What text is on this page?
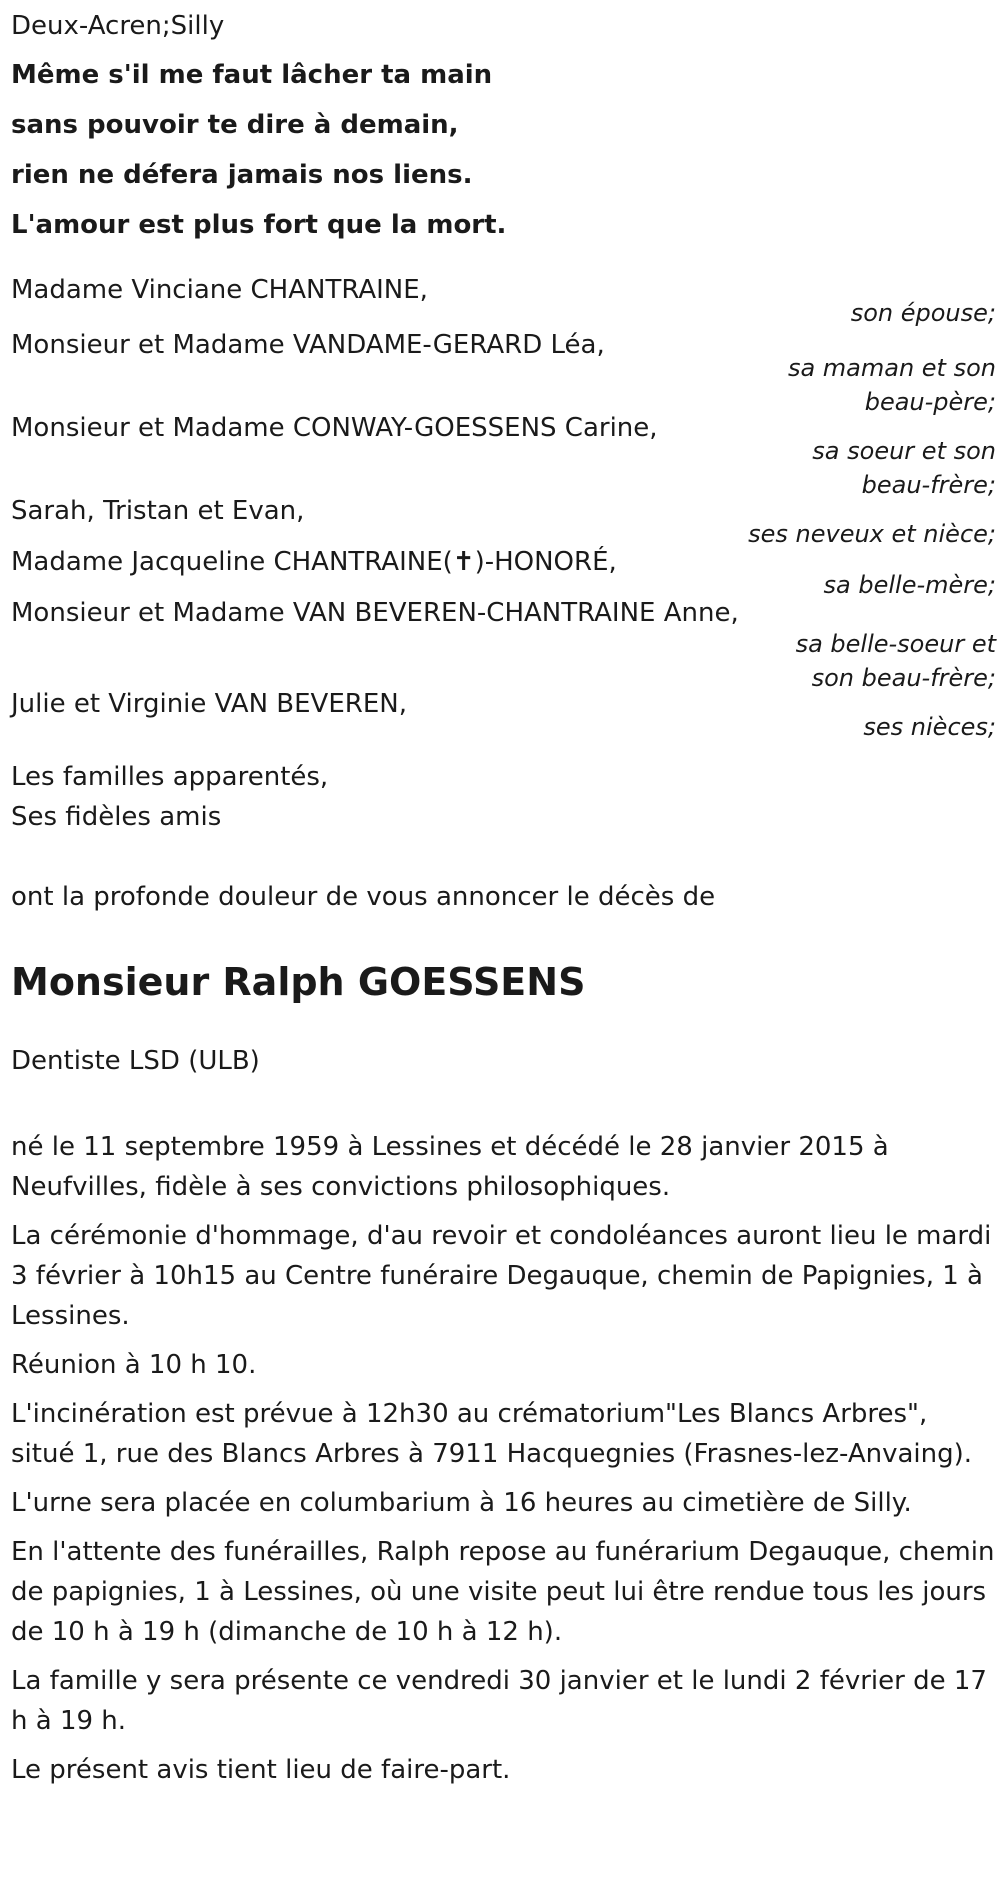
Deux-Acren;Silly

Même s'il me faut lâcher ta main

sans pouvoir te dire à demain,

rien ne défera jamais nos liens.

L'amour est plus fort que la mort.

Madame Vinciane CHANTRAINE,
son épouse;
Monsieur et Madame VANDAME-GERARD Léa,
sa maman et son
beau-père;
Monsieur et Madame CONWAY-GOESSENS Carine,
sa soeur et son
beau-frère;
Sarah, Tristan et Evan,
ses neveux et nièce;
Madame Jacqueline CHANTRAINE(✝)-HONORÉ,
sa belle-mère;
Monsieur et Madame VAN BEVEREN-CHANTRAINE Anne,
sa belle-soeur et
son beau-frère;
Julie et Virginie VAN BEVEREN,
ses nièces;
Les familles apparentés,
Ses fidèles amis
ont la profonde douleur de vous annoncer le décès de
Monsieur Ralph GOESSENS
Dentiste LSD (ULB)

né le 11 septembre 1959 à Lessines et décédé le 28 janvier 2015 à Neufvilles, fidèle à ses convictions philosophiques.

La cérémonie d'hommage, d'au revoir et condoléances auront lieu le mardi 3 février à 10h15 au Centre funéraire Degauque, chemin de Papignies, 1 à Lessines.

Réunion à 10 h 10.

L'incinération est prévue à 12h30 au crématorium"Les Blancs Arbres", situé 1, rue des Blancs Arbres à 7911 Hacquegnies (Frasnes-lez-Anvaing).

L'urne sera placée en columbarium à 16 heures au cimetière de Silly.

En l'attente des funérailles, Ralph repose au funérarium Degauque, chemin de papignies, 1 à Lessines, où une visite peut lui être rendue tous les jours de 10 h à 19 h (dimanche de 10 h à 12 h).

La famille y sera présente ce vendredi 30 janvier et le lundi 2 février de 17 h à 19 h.

Le présent avis tient lieu de faire-part.
